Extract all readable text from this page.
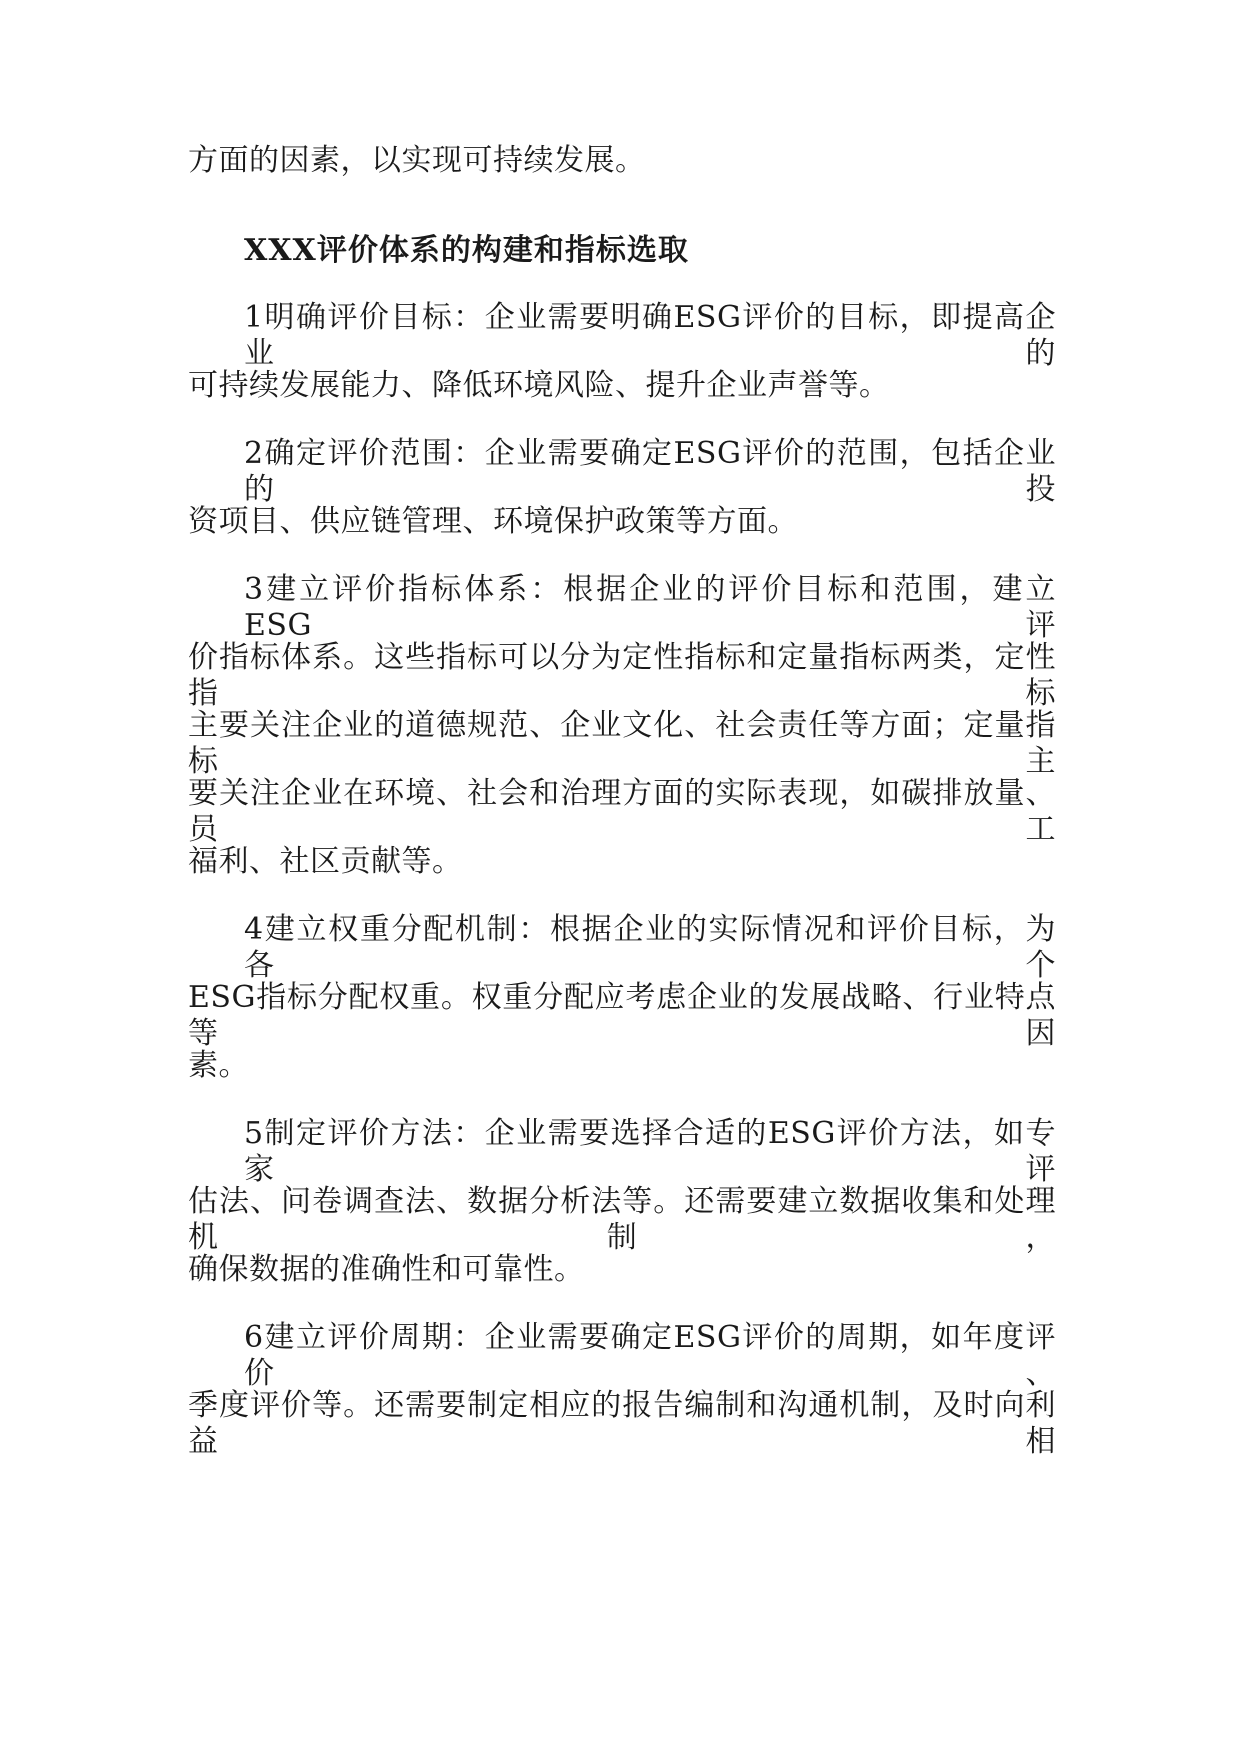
方面的因素，以实现可持续发展。
XXX评价体系的构建和指标选取
1明确评价目标：企业需要明确ESG评价的目标，即提高企业的
可持续发展能力、降低环境风险、提升企业声誉等。
2确定评价范围：企业需要确定ESG评价的范围，包括企业的投
资项目、供应链管理、环境保护政策等方面。
3建立评价指标体系：根据企业的评价目标和范围，建立ESG评
价指标体系。这些指标可以分为定性指标和定量指标两类，定性指标
主要关注企业的道德规范、企业文化、社会责任等方面；定量指标主
要关注企业在环境、社会和治理方面的实际表现，如碳排放量、员工
福利、社区贡献等。
4建立权重分配机制：根据企业的实际情况和评价目标，为各个
ESG指标分配权重。权重分配应考虑企业的发展战略、行业特点等因
素。
5制定评价方法：企业需要选择合适的ESG评价方法，如专家评
估法、问卷调查法、数据分析法等。还需要建立数据收集和处理机制，
确保数据的准确性和可靠性。
6建立评价周期：企业需要确定ESG评价的周期，如年度评价、
季度评价等。还需要制定相应的报告编制和沟通机制，及时向利益相
